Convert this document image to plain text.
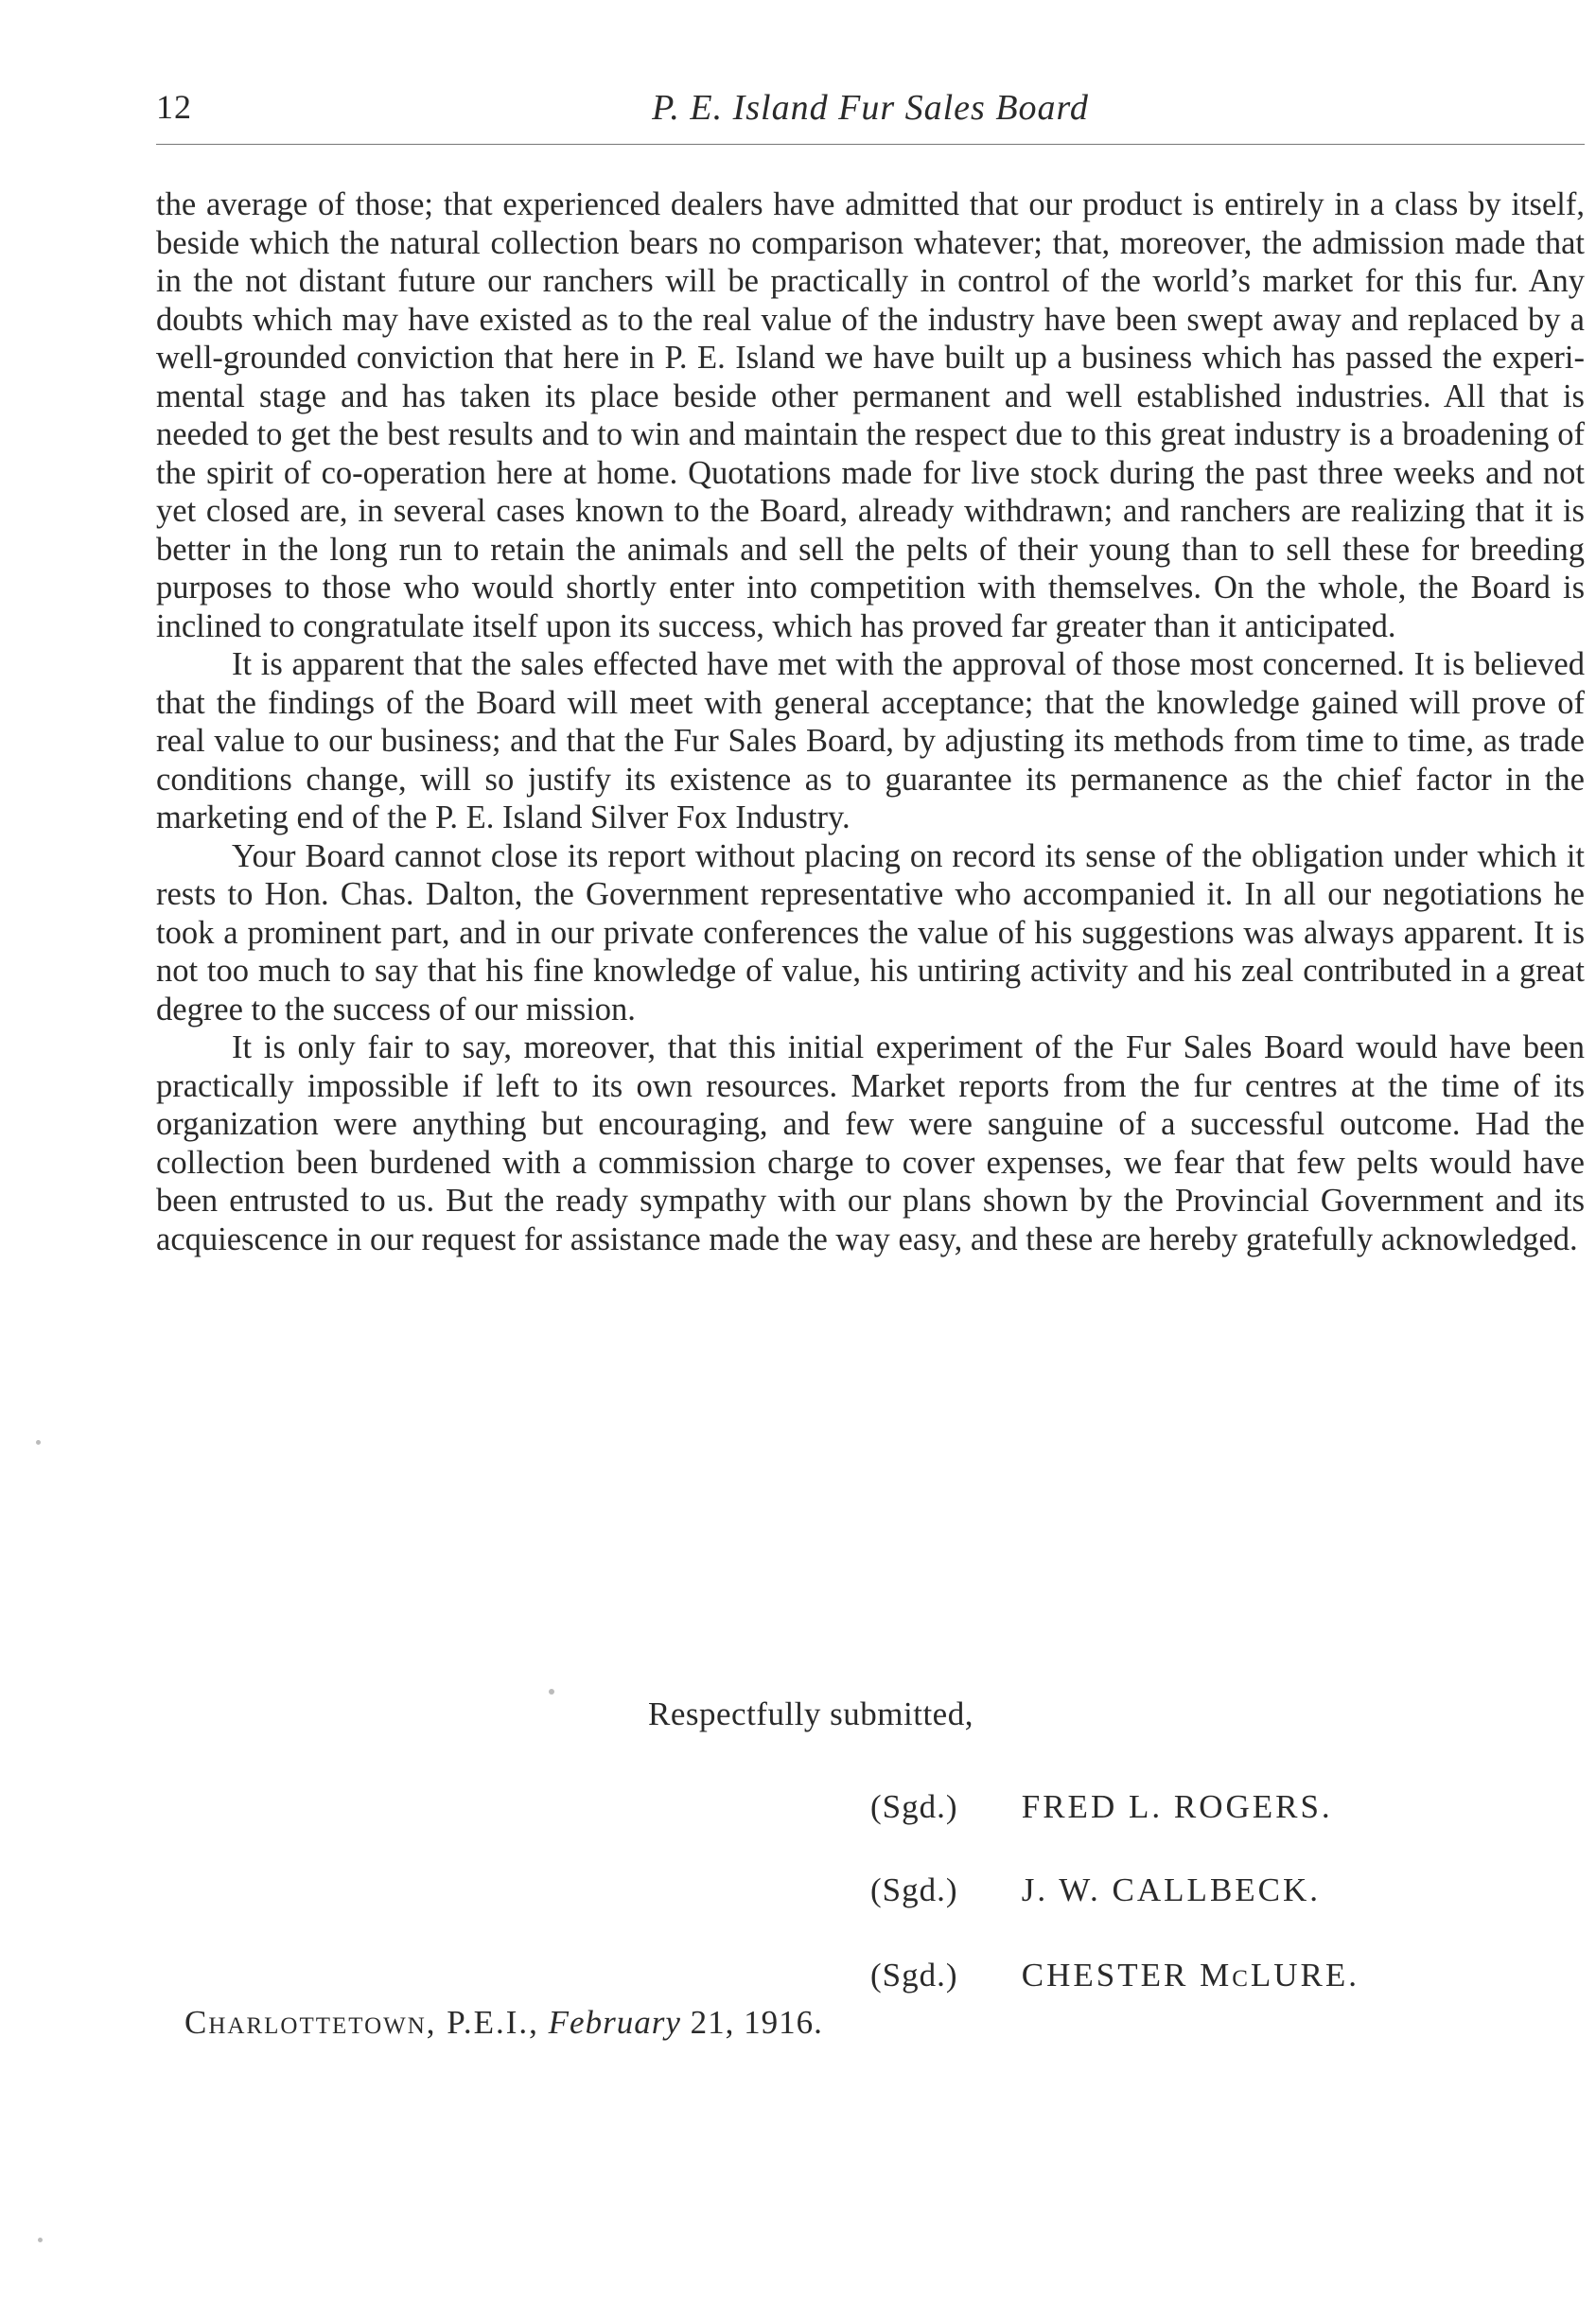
12	P. E. Island Fur Sales Board

the average of those; that experienced dealers have admitted that our product is entirely in a class by itself, beside which the natural collection bears no comparison whatever; that, moreover, the admission made that in the not distant future our ranchers will be practically in control of the world’s market for this fur. Any doubts which may have existed as to the real value of the industry have been swept away and replaced by a well-grounded conviction that here in P. E. Island we have built up a business which has passed the experimental stage and has taken its place beside other permanent and well established industries. All that is needed to get the best results and to win and maintain the respect due to this great industry is a broadening of the spirit of co-operation here at home. Quotations made for live stock during the past three weeks and not yet closed are, in several cases known to the Board, already withdrawn; and ranchers are realizing that it is better in the long run to retain the animals and sell the pelts of their young than to sell these for breeding purposes to those who would shortly enter into competition with themselves. On the whole, the Board is inclined to congratulate itself upon its success, which has proved far greater than it anticipated.

It is apparent that the sales effected have met with the approval of those most concerned. It is believed that the findings of the Board will meet with general acceptance; that the knowledge gained will prove of real value to our business; and that the Fur Sales Board, by adjusting its methods from time to time, as trade conditions change, will so justify its existence as to guarantee its permanence as the chief factor in the marketing end of the P. E. Island Silver Fox Industry.

Your Board cannot close its report without placing on record its sense of the obligation under which it rests to Hon. Chas. Dalton, the Government representative who accompanied it. In all our negotiations he took a prominent part, and in our private conferences the value of his suggestions was always apparent. It is not too much to say that his fine knowledge of value, his untiring activity and his zeal contributed in a great degree to the success of our mission.

It is only fair to say, moreover, that this initial experiment of the Fur Sales Board would have been practically impossible if left to its own resources. Market reports from the fur centres at the time of its organization were anything but encouraging, and few were sanguine of a successful outcome. Had the collection been burdened with a commission charge to cover expenses, we fear that few pelts would have been entrusted to us. But the ready sympathy with our plans shown by the Provincial Government and its acquiescence in our request for assistance made the way easy, and these are hereby gratefully acknowledged.

Respectfully submitted,
(Sgd.) FRED L. ROGERS.
(Sgd.) J. W. CALLBECK.
(Sgd.) CHESTER McLURE.
Charlottetown, P.E.I., February 21, 1916.
